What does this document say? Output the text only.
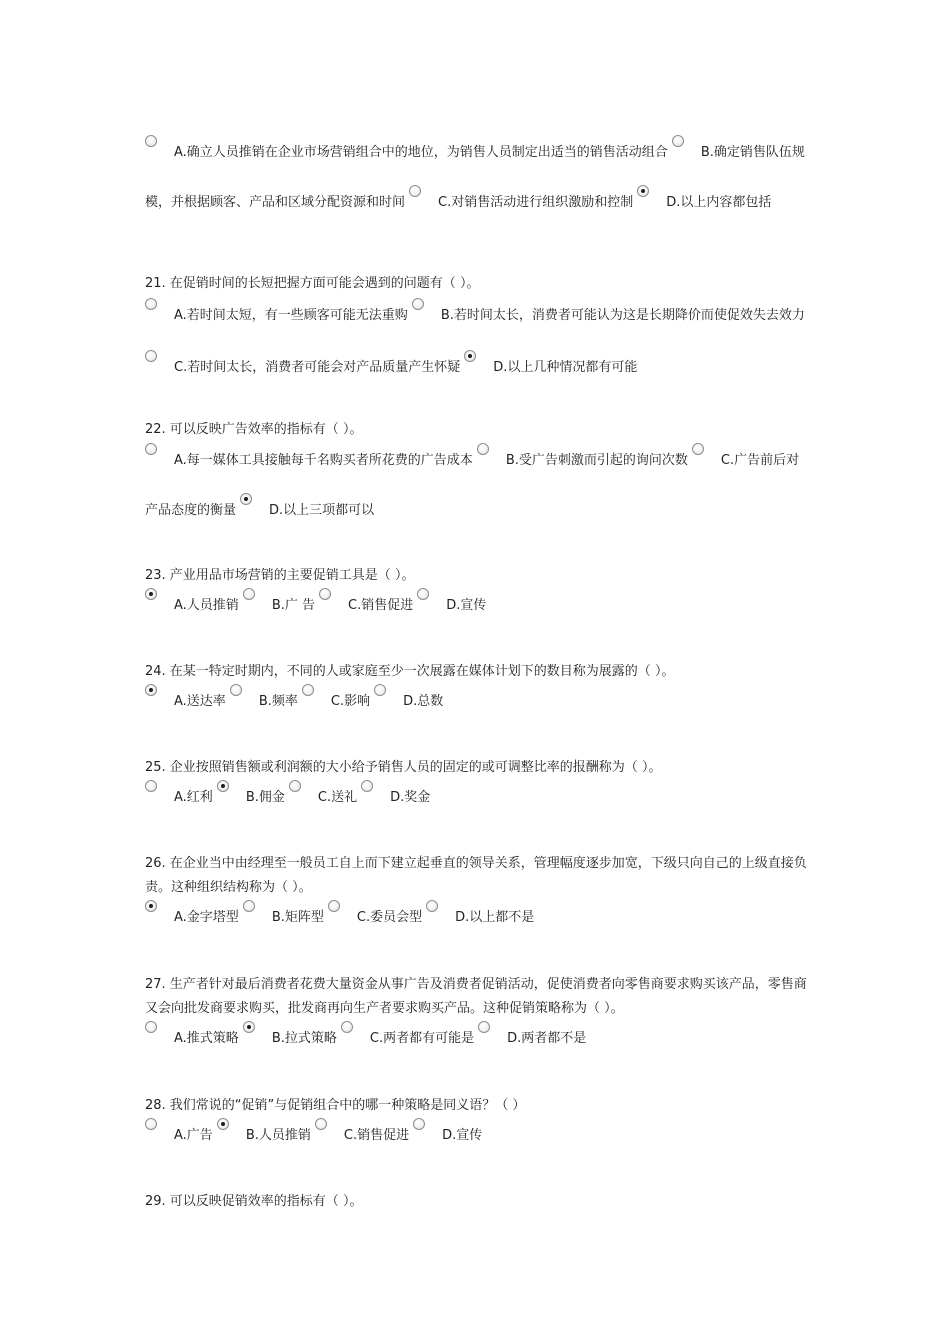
A.确立人员推销在企业市场营销组合中的地位，为销售人员制定出适当的销售活动组合	B.确定销售队伍规模，并根据顾客、产品和区域分配资源和时间	C.对销售活动进行组织激励和控制	D.以上内容都包括

21. 在促销时间的长短把握方面可能会遇到的问题有（ ）。

A.若时间太短，有一些顾客可能无法重购	B.若时间太长，消费者可能认为这是长期降价而使促效失去效力C.若时间太长，消费者可能会对产品质量产生怀疑	D.以上几种情况都有可能

22. 可以反映广告效率的指标有（ ）。

A.每一媒体工具接触每千名购买者所花费的广告成本	B.受广告刺激而引起的询问次数	C.广告前后对产品态度的衡量	D.以上三项都可以

23. 产业用品市场营销的主要促销工具是（ ）。

A.人员推销	B.广 告	C.销售促进	D.宣传

24. 在某一特定时期内，不同的人或家庭至少一次展露在媒体计划下的数目称为展露的（ ）。

A.送达率	B.频率	C.影响	D.总数

25. 企业按照销售额或利润额的大小给予销售人员的固定的或可调整比率的报酬称为（ ）。

A.红利	B.佣金	C.送礼	D.奖金

26. 在企业当中由经理至一般员工自上而下建立起垂直的领导关系，管理幅度逐步加宽，下级只向自己的上级直接负责。这种组织结构称为（ ）。

A.金字塔型	B.矩阵型	C.委员会型	D.以上都不是

27. 生产者针对最后消费者花费大量资金从事广告及消费者促销活动，促使消费者向零售商要求购买该产品，零售商又会向批发商要求购买，批发商再向生产者要求购买产品。这种促销策略称为（ ）。

A.推式策略	B.拉式策略	C.两者都有可能是	D.两者都不是

28. 我们常说的“促销”与促销组合中的哪一种策略是同义语？（ ）

A.广告	B.人员推销	C.销售促进	D.宣传

29. 可以反映促销效率的指标有（ ）。
